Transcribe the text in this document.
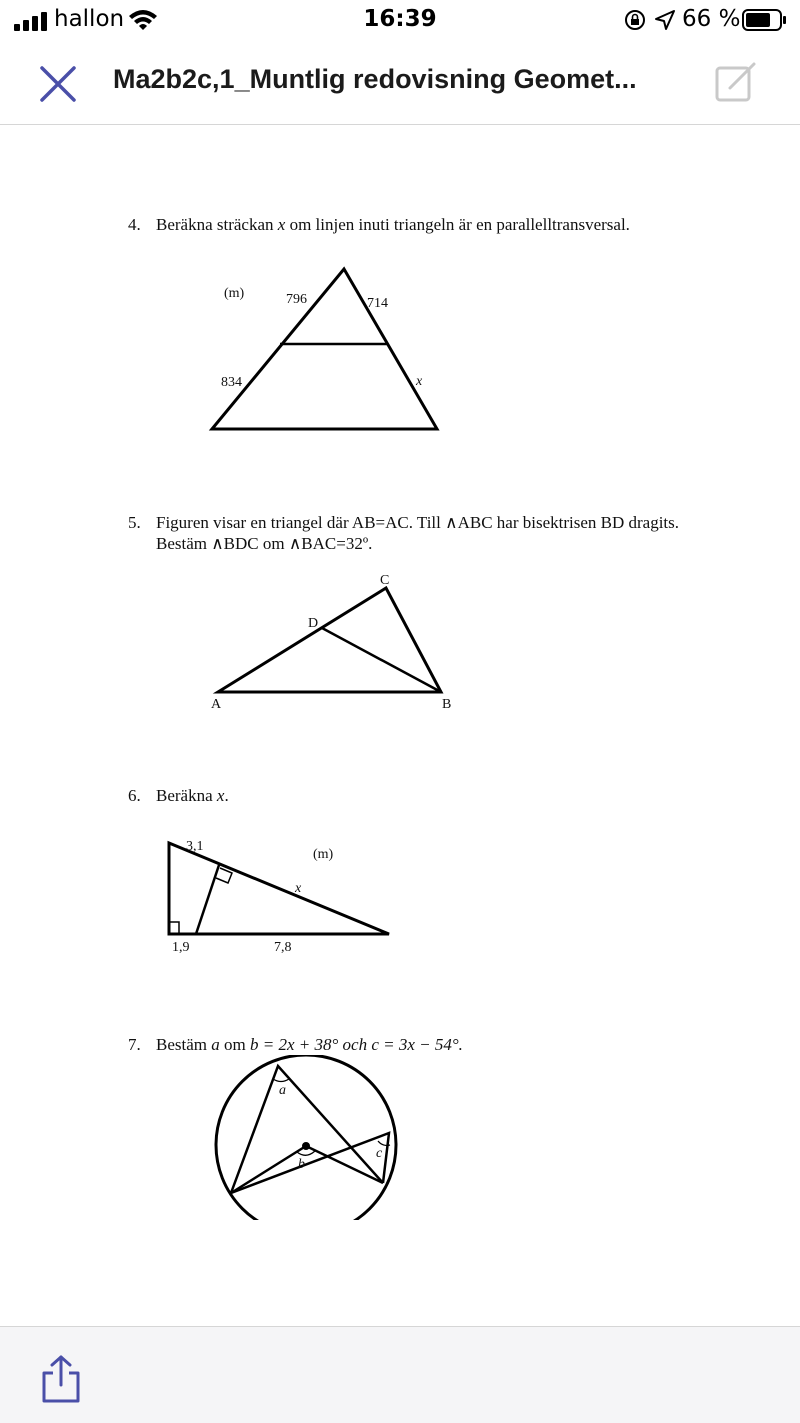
hallon	16:39	66 %
Ma2b2c,1_Muntlig redovisning Geomet...
4. Beräkna sträckan x om linjen inuti triangeln är en parallelltransversal.
(m)	796	714
834	x
5. Figuren visar en triangel där AB=AC. Till ∧ABC har bisektrisen BD dragits.
Bestäm ∧BDC om ∧BAC=32º.
A	B
C
D
6. Beräkna x.
3,1
1,9	7,8
x
(m)
7. Bestäm a om b = 2x + 38° och c = 3x − 54°.
a
b
c
